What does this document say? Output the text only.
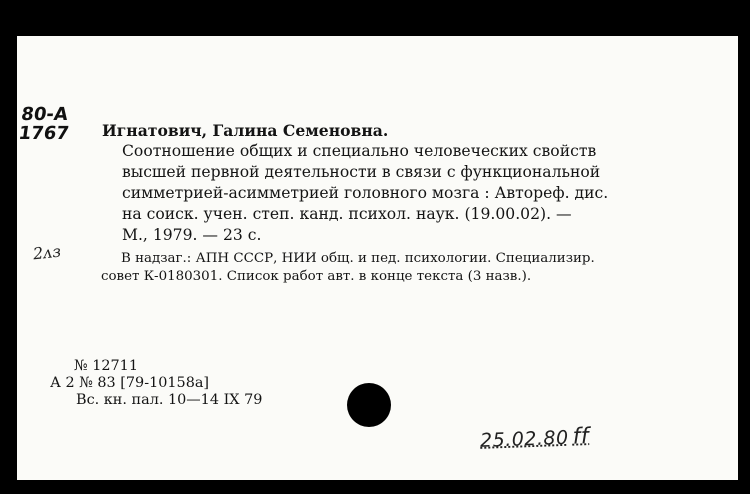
80-А
1767
2ᴧз

Игнатович, Галина Семеновна.

Соотношение общих и специально человеческих свойств
высшей первной деятельности в связи с функциональной
симметрией-асимметрией головного мозга : Автореф. дис.
на соиск. учен. степ. канд. психол. наук. (19.00.02). —
М., 1979. — 23 с.

В надзаг.: АПН СССР, НИИ общ. и пед. психологии. Специализир.
совет К-0180301. Список работ авт. в конце текста (3 назв.).
№ 12711
А 2 № 83 [79-10158а]
Вс. кн. пал. 10—14 IX 79
25.02.80 ff
